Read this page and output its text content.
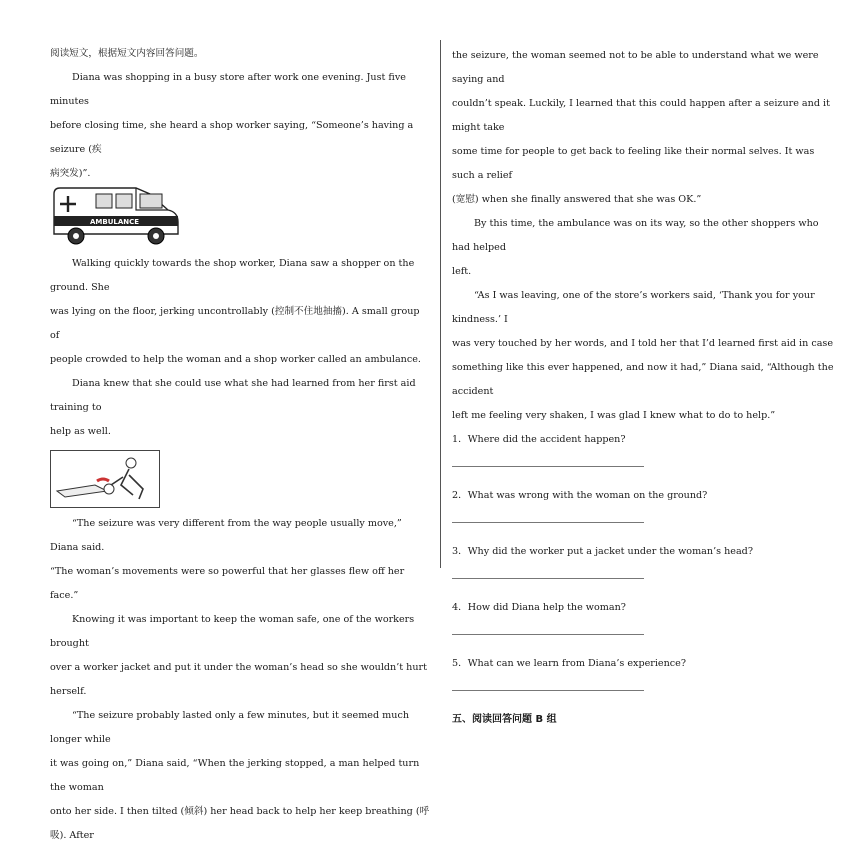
阅读短文，根据短文内容回答问题。

Diana was shopping in a busy store after work one evening. Just five minutes

before closing time, she heard a shop worker saying, “Someone’s having a seizure (疾

病突发)”.

AMBULANCE

Walking quickly towards the shop worker, Diana saw a shopper on the ground. She

was lying on the floor, jerking uncontrollably (控制不住地抽搐). A small group of

people crowded to help the woman and a shop worker called an ambulance.

Diana knew that she could use what she had learned from her first aid training to

help as well.

“The seizure was very different from the way people usually move,” Diana said.

“The woman’s movements were so powerful that her glasses flew off her face.”

Knowing it was important to keep the woman safe, one of the workers brought

over a worker jacket and put it under the woman’s head so she wouldn’t hurt herself.

“The seizure probably lasted only a few minutes, but it seemed much longer while

it was going on,” Diana said, “When the jerking stopped, a man helped turn the woman

onto her side. I then tilted (倾斜) her head back to help her keep breathing (呼吸). After

the seizure, the woman seemed not to be able to understand what we were saying and

couldn’t speak. Luckily, I learned that this could happen after a seizure and it might take

some time for people to get back to feeling like their normal selves. It was such a relief

(宽慰) when she finally answered that she was OK.”

By this time, the ambulance was on its way, so the other shoppers who had helped

left.

“As I was leaving, one of the store’s workers said, ‘Thank you for your kindness.’ I

was very touched by her words, and I told her that I’d learned first aid in case

something like this ever happened, and now it had,” Diana said, “Although the accident

left me feeling very shaken, I was glad I knew what to do to help.”

1．Where did the accident happen?

2．What was wrong with the woman on the ground?

3．Why did the worker put a jacket under the woman’s head?

4．How did Diana help the woman?

5．What can we learn from Diana’s experience?

五、阅读回答问题 B 组
